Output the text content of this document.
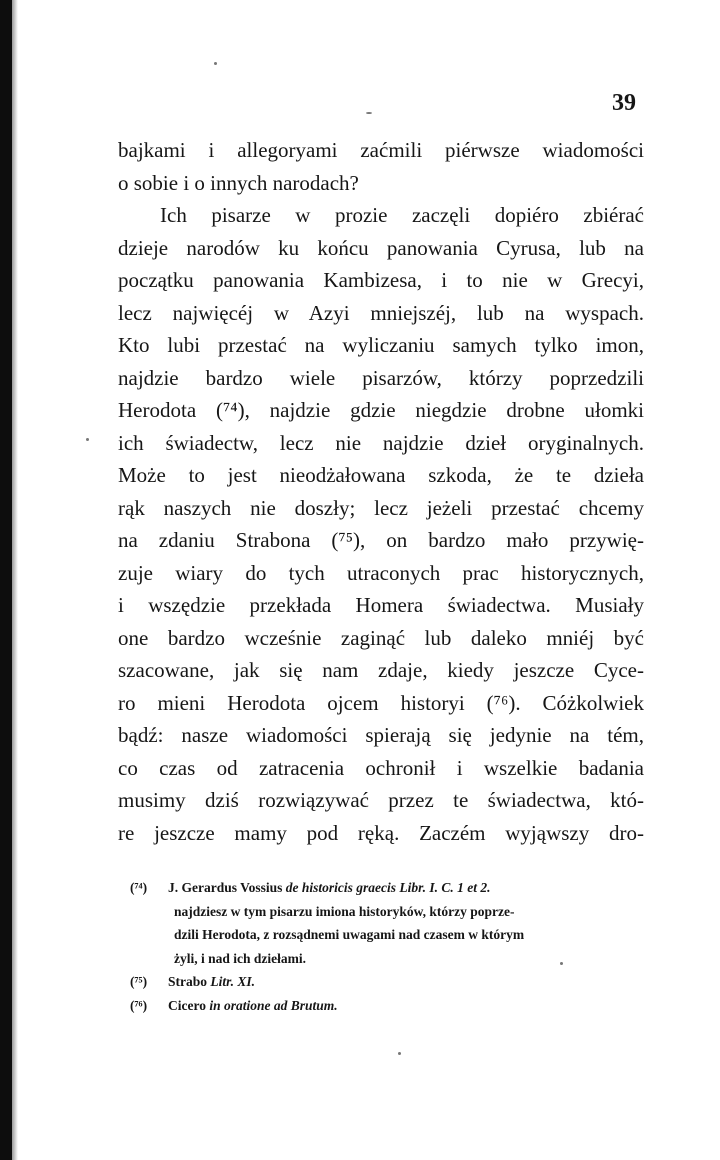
39
bajkami i allegoryami zaćmili piérwsze wiadomości
o sobie i o innych narodach?
Ich pisarze w prozie zaczęli dopiéro zbiérać
dzieje narodów ku końcu panowania Cyrusa, lub na
początku panowania Kambizesa, i to nie w Grecyi,
lecz najwięcéj w Azyi mniejszéj, lub na wyspach.
Kto lubi przestać na wyliczaniu samych tylko imon,
najdzie bardzo wiele pisarzów, którzy poprzedzili
Herodota (⁷⁴), najdzie gdzie niegdzie drobne ułomki
ich świadectw, lecz nie najdzie dzieł oryginalnych.
Może to jest nieodżałowana szkoda, że te dzieła
rąk naszych nie doszły; lecz jeżeli przestać chcemy
na zdaniu Strabona (⁷⁵), on bardzo mało przywię-
zuje wiary do tych utraconych prac historycznych,
i wszędzie przekłada Homera świadectwa. Musiały
one bardzo wcześnie zaginąć lub daleko mniéj być
szacowane, jak się nam zdaje, kiedy jeszcze Cyce-
ro mieni Herodota ojcem historyi (⁷⁶). Cóżkolwiek
bądź: nasze wiadomości spierają się jedynie na tém,
co czas od zatracenia ochronił i wszelkie badania
musimy dziś rozwiązywać przez te świadectwa, któ-
re jeszcze mamy pod ręką. Zaczém wyjąwszy dro-
(⁷⁴) J. Gerardus Vossius de historicis graecis Libr. I. C. 1 et 2.
najdziesz w tym pisarzu imiona historyków, którzy poprze-
dzili Herodota, z rozsądnemi uwagami nad czasem w którym
żyli, i nad ich dziełami.
(⁷⁵) Strabo Litr. XI.
(⁷⁶) Cicero in oratione ad Brutum.
